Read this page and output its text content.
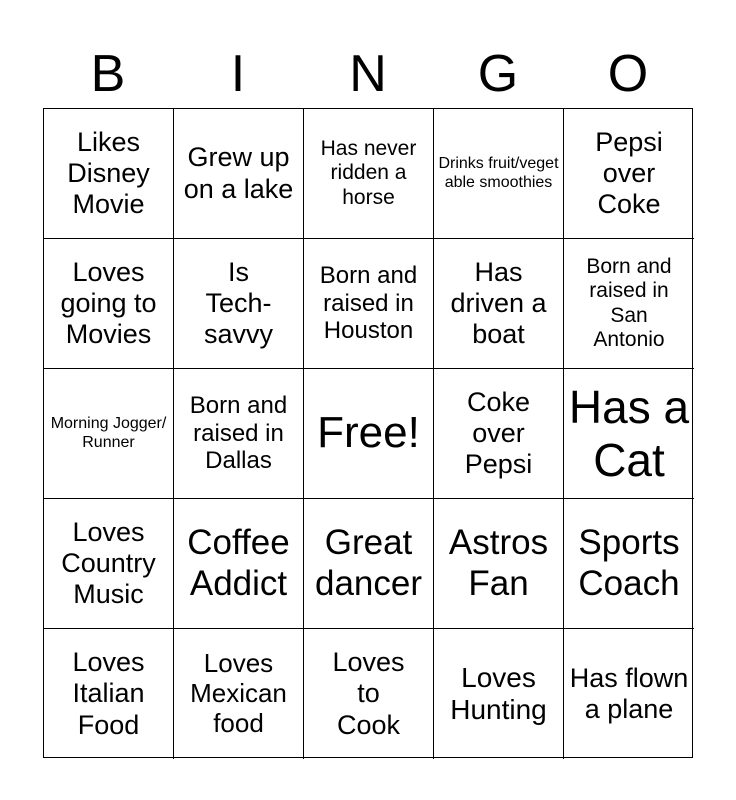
B	I	N	G	O
Likes Disney Movie
Grew up on a lake
Has never ridden a horse
Drinks fruit/vegetable smoothies
Pepsi over Coke
Loves going to Movies
Is Tech-savvy
Born and raised in Houston
Has driven a boat
Born and raised in San Antonio
Morning Jogger/Runner
Born and raised in Dallas
Free!
Coke over Pepsi
Has a Cat
Loves Country Music
Coffee Addict
Great dancer
Astros Fan
Sports Coach
Loves Italian Food
Loves Mexican food
Loves to Cook
Loves Hunting
Has flown a plane
